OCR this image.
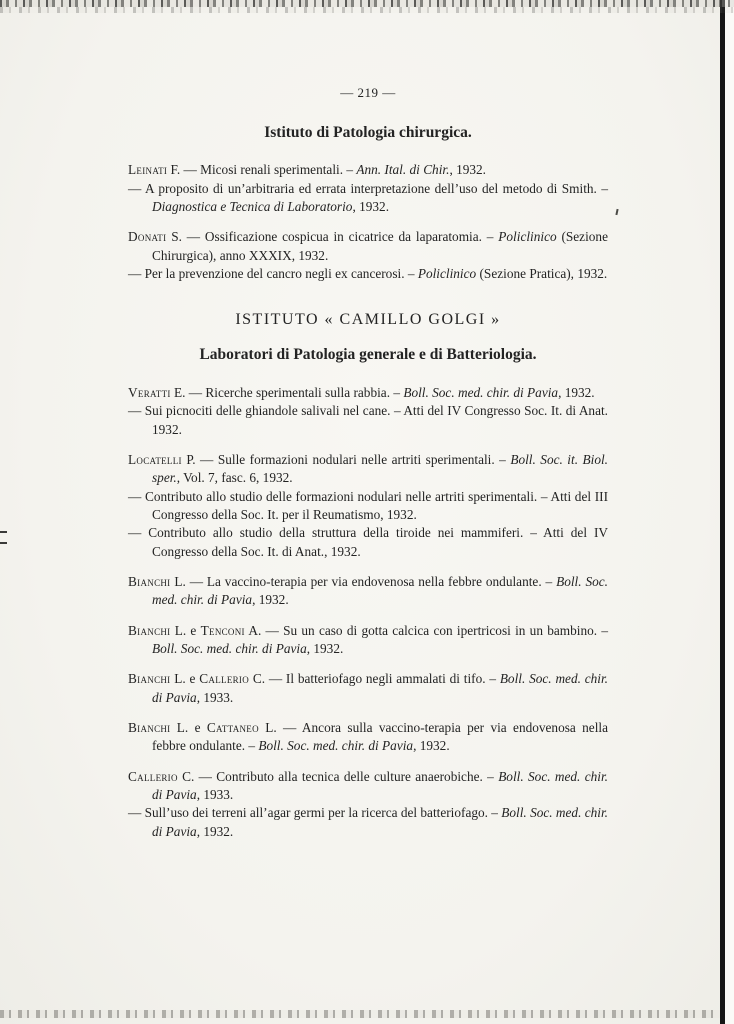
— 219 —
Istituto di Patologia chirurgica.

Leinati F. — Micosi renali sperimentali. – Ann. Ital. di Chir., 1932.

— A proposito di un’arbitraria ed errata interpretazione dell’uso del metodo di Smith. – Diagnostica e Tecnica di Laboratorio, 1932.

Donati S. — Ossificazione cospicua in cicatrice da laparatomia. – Policlinico (Sezione Chirurgica), anno XXXIX, 1932.

— Per la prevenzione del cancro negli ex cancerosi. – Policlinico (Sezione Pratica), 1932.

ISTITUTO « CAMILLO GOLGI »
Laboratori di Patologia generale e di Batteriologia.

Veratti E. — Ricerche sperimentali sulla rabbia. – Boll. Soc. med. chir. di Pavia, 1932.

— Sui picnociti delle ghiandole salivali nel cane. – Atti del IV Congresso Soc. It. di Anat. 1932.

Locatelli P. — Sulle formazioni nodulari nelle artriti sperimentali. – Boll. Soc. it. Biol. sper., Vol. 7, fasc. 6, 1932.

— Contributo allo studio delle formazioni nodulari nelle artriti sperimentali. – Atti del III Congresso della Soc. It. per il Reumatismo, 1932.

— Contributo allo studio della struttura della tiroide nei mammiferi. – Atti del IV Congresso della Soc. It. di Anat., 1932.

Bianchi L. — La vaccino-terapia per via endovenosa nella febbre ondulante. – Boll. Soc. med. chir. di Pavia, 1932.

Bianchi L. e Tenconi A. — Su un caso di gotta calcica con ipertricosi in un bambino. – Boll. Soc. med. chir. di Pavia, 1932.

Bianchi L. e Callerio C. — Il batteriofago negli ammalati di tifo. – Boll. Soc. med. chir. di Pavia, 1933.

Bianchi L. e Cattaneo L. — Ancora sulla vaccino-terapia per via endovenosa nella febbre ondulante. – Boll. Soc. med. chir. di Pavia, 1932.

Callerio C. — Contributo alla tecnica delle culture anaerobiche. – Boll. Soc. med. chir. di Pavia, 1933.

— Sull’uso dei terreni all’agar germi per la ricerca del batteriofago. – Boll. Soc. med. chir. di Pavia, 1932.
